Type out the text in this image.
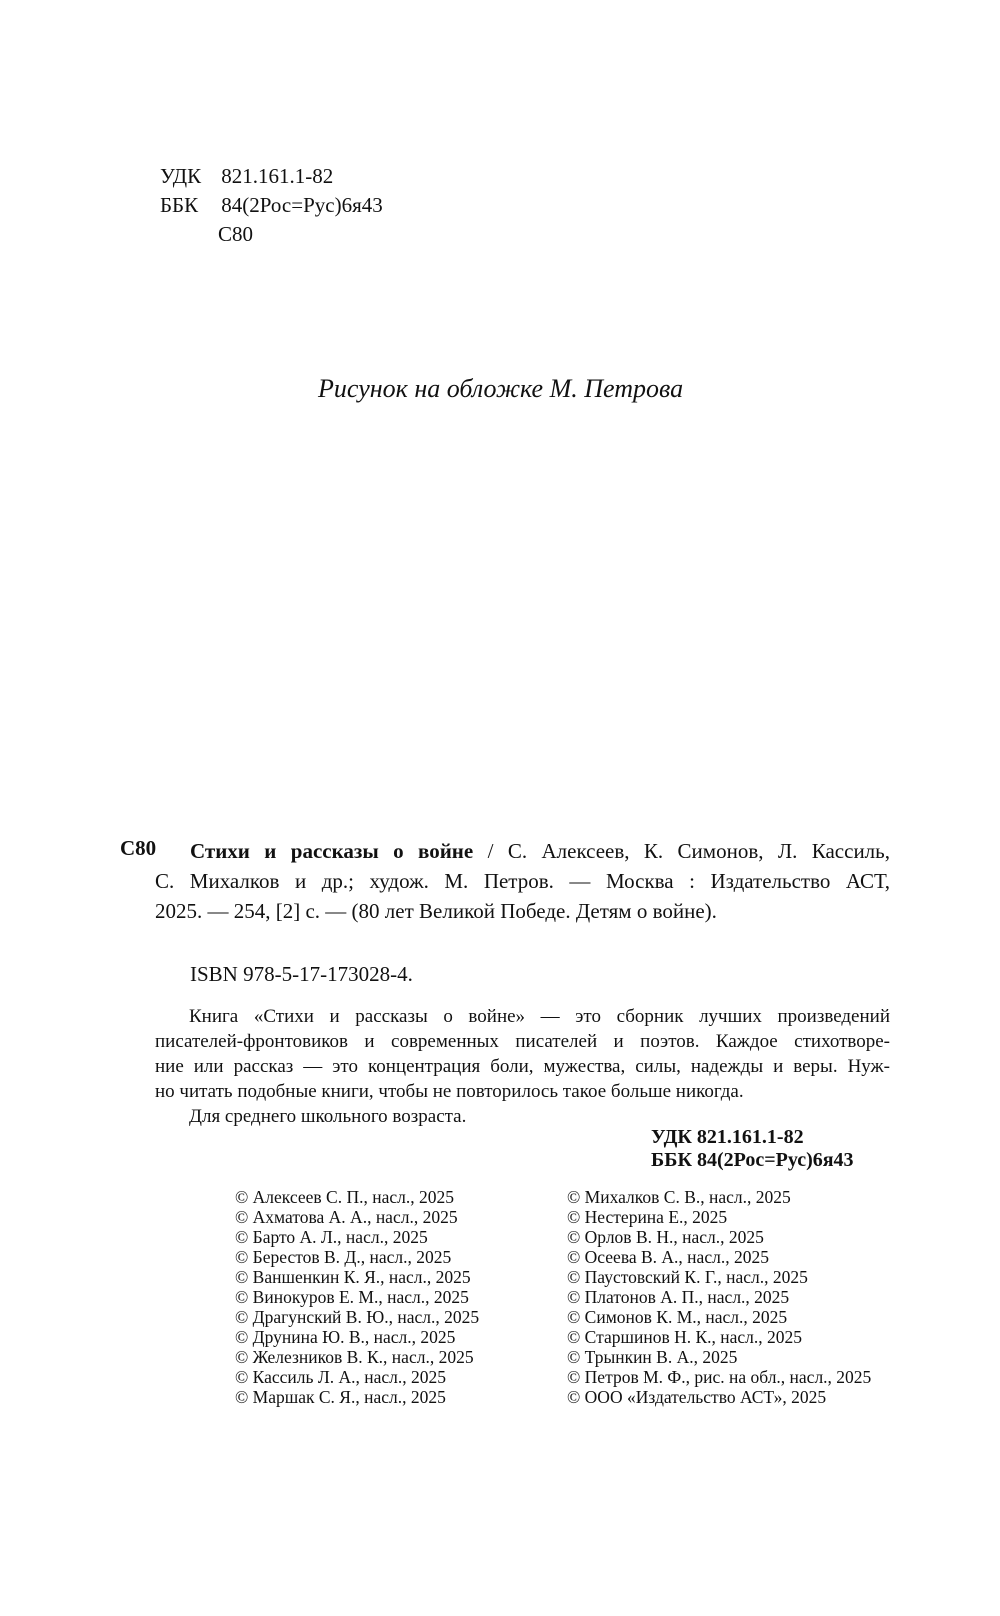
УДК 821.161.1-82
ББК 84(2Рос=Рус)6я43
С80
Рисунок на обложке М. Петрова
С80 Стихи и рассказы о войне / С. Алексеев, К. Симонов, Л. Кассиль,
С. Михалков и др.; худож. М. Петров. — Москва : Издательство АСТ,
2025. — 254, [2] с. — (80 лет Великой Победе. Детям о войне).
ISBN 978-5-17-173028-4.
Книга «Стихи и рассказы о войне» — это сборник лучших произведений
писателей-фронтовиков и современных писателей и поэтов. Каждое стихотворе-
ние или рассказ — это концентрация боли, мужества, силы, надежды и веры. Нуж-
но читать подобные книги, чтобы не повторилось такое больше никогда.
Для среднего школьного возраста.
УДК 821.161.1-82
ББК 84(2Рос=Рус)6я43
© Алексеев С. П., насл., 2025
© Ахматова А. А., насл., 2025
© Барто А. Л., насл., 2025
© Берестов В. Д., насл., 2025
© Ваншенкин К. Я., насл., 2025
© Винокуров Е. М., насл., 2025
© Драгунский В. Ю., насл., 2025
© Друнина Ю. В., насл., 2025
© Железников В. К., насл., 2025
© Кассиль Л. А., насл., 2025
© Маршак С. Я., насл., 2025
© Михалков С. В., насл., 2025
© Нестерина Е., 2025
© Орлов В. Н., насл., 2025
© Осеева В. А., насл., 2025
© Паустовский К. Г., насл., 2025
© Платонов А. П., насл., 2025
© Симонов К. М., насл., 2025
© Старшинов Н. К., насл., 2025
© Трынкин В. А., 2025
© Петров М. Ф., рис. на обл., насл., 2025
© ООО «Издательство АСТ», 2025
